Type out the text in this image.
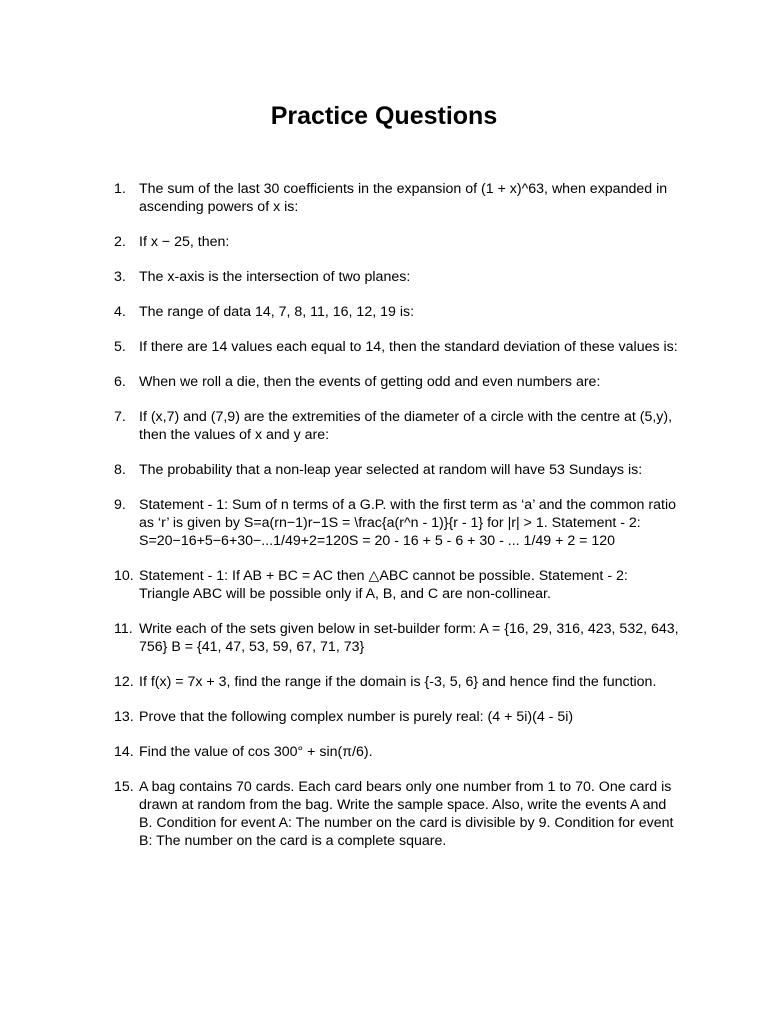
Practice Questions
1. The sum of the last 30 coefficients in the expansion of (1 + x)^63, when expanded in ascending powers of x is:
2. If x − 25, then:
3. The x-axis is the intersection of two planes:
4. The range of data 14, 7, 8, 11, 16, 12, 19 is:
5. If there are 14 values each equal to 14, then the standard deviation of these values is:
6. When we roll a die, then the events of getting odd and even numbers are:
7. If (x,7) and (7,9) are the extremities of the diameter of a circle with the centre at (5,y), then the values of x and y are:
8. The probability that a non-leap year selected at random will have 53 Sundays is:
9. Statement - 1: Sum of n terms of a G.P. with the first term as ‘a’ and the common ratio as ‘r’ is given by S=a(rn−1)r−1S = \frac{a(r^n - 1)}{r - 1} for |r| > 1. Statement - 2: S=20−16+5−6+30−...1/49+2=120S = 20 - 16 + 5 - 6 + 30 - ... 1/49 + 2 = 120
10. Statement - 1: If AB + BC = AC then △ABC cannot be possible. Statement - 2: Triangle ABC will be possible only if A, B, and C are non-collinear.
11. Write each of the sets given below in set-builder form: A = {16, 29, 316, 423, 532, 643, 756} B = {41, 47, 53, 59, 67, 71, 73}
12. If f(x) = 7x + 3, find the range if the domain is {-3, 5, 6} and hence find the function.
13. Prove that the following complex number is purely real: (4 + 5i)(4 - 5i)
14. Find the value of cos 300° + sin(π/6).
15. A bag contains 70 cards. Each card bears only one number from 1 to 70. One card is drawn at random from the bag. Write the sample space. Also, write the events A and B. Condition for event A: The number on the card is divisible by 9. Condition for event B: The number on the card is a complete square.
